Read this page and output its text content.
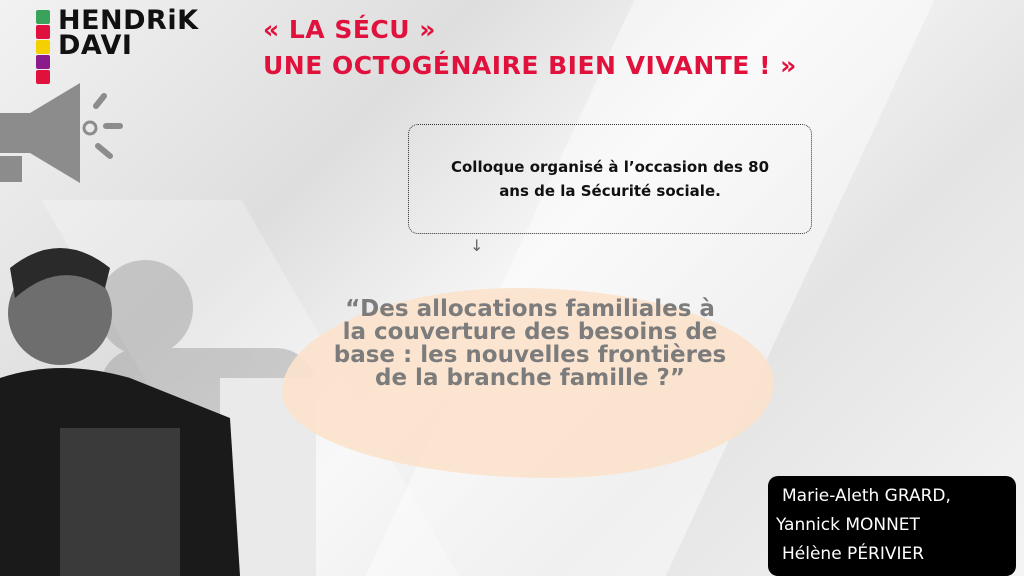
HENDRiK
DAVI
« LA SÉCU »
UNE OCTOGÉNAIRE BIEN VIVANTE ! »
Colloque organisé à l’occasion des 80 ans de la Sécurité sociale.
↓
“Des allocations familiales à la couverture des besoins de base : les nouvelles frontières de la branche famille ?”
Marie-Aleth GRARD,
Yannick MONNET
Hélène PÉRIVIER
